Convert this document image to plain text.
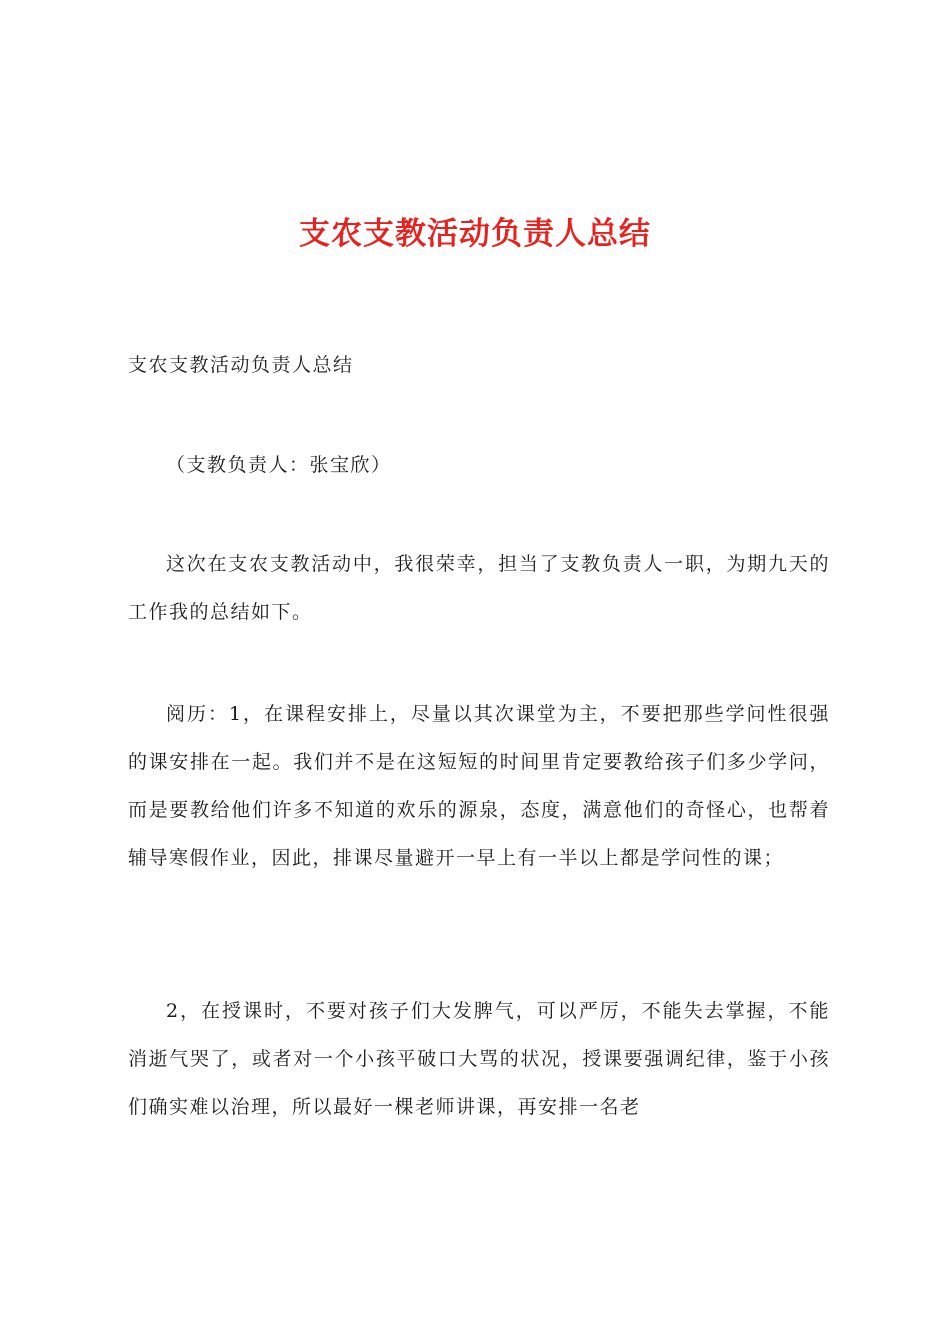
支农支教活动负责人总结

支农支教活动负责人总结

（支教负责人：张宝欣）

这次在支农支教活动中，我很荣幸，担当了支教负责人一职，为期九天的工作我的总结如下。

阅历：1，在课程安排上，尽量以其次课堂为主，不要把那些学问性很强的课安排在一起。我们并不是在这短短的时间里肯定要教给孩子们多少学问，而是要教给他们许多不知道的欢乐的源泉，态度，满意他们的奇怪心，也帮着辅导寒假作业，因此，排课尽量避开一早上有一半以上都是学问性的课；

2，在授课时，不要对孩子们大发脾气，可以严厉，不能失去掌握，不能消逝气哭了，或者对一个小孩平破口大骂的状况，授课要强调纪律，鉴于小孩们确实难以治理，所以最好一棵老师讲课，再安排一名老
